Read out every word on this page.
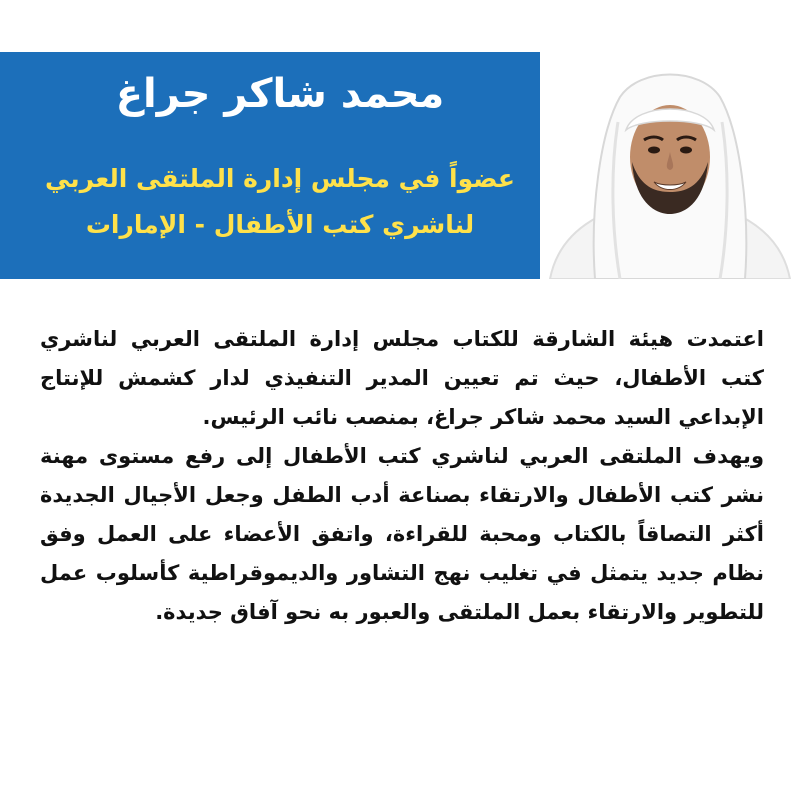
محمد شاكر جراغ
عضواً في مجلس إدارة الملتقى العربي
لناشري كتب الأطفال - الإمارات

اعتمدت هيئة الشارقة للكتاب مجلس إدارة الملتقى العربي لناشري كتب الأطفال، حيث تم تعيين المدير التنفيذي لدار كشمش للإنتاج الإبداعي السيد محمد شاكر جراغ، بمنصب نائب الرئيس.

ويهدف الملتقى العربي لناشري كتب الأطفال إلى رفع مستوى مهنة نشر كتب الأطفال والارتقاء بصناعة أدب الطفل وجعل الأجيال الجديدة أكثر التصاقاً بالكتاب ومحبة للقراءة، واتفق الأعضاء على العمل وفق نظام جديد يتمثل في تغليب نهج التشاور والديموقراطية كأسلوب عمل للتطوير والارتقاء بعمل الملتقى والعبور به نحو آفاق جديدة.
